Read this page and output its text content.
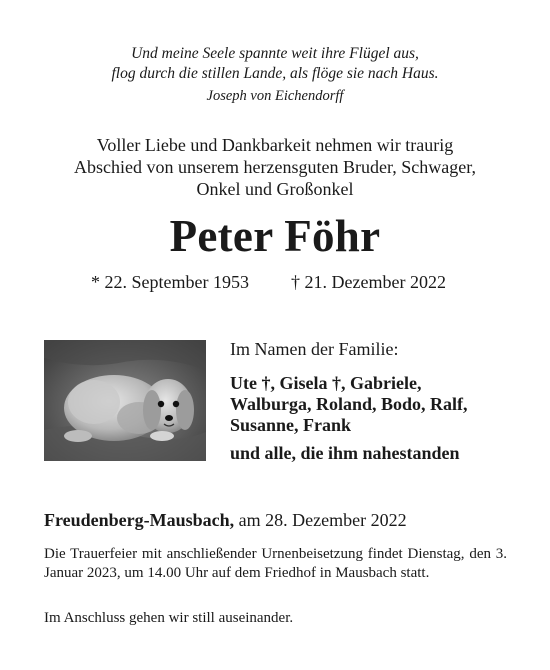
Und meine Seele spannte weit ihre Flügel aus,
flog durch die stillen Lande, als flöge sie nach Haus.
Joseph von Eichendorff
Voller Liebe und Dankbarkeit nehmen wir traurig
Abschied von unserem herzensguten Bruder, Schwager,
Onkel und Großonkel
Peter Föhr
* 22. September 1953 † 21. Dezember 2022
Im Namen der Familie:
Ute †, Gisela †, Gabriele,
Walburga, Roland, Bodo, Ralf,
Susanne, Frank
und alle, die ihm nahestanden
Freudenberg-Mausbach, am 28. Dezember 2022
Die Trauerfeier mit anschließender Urnenbeisetzung findet Dienstag, den 3. Januar 2023, um 14.00 Uhr auf dem Friedhof in Mausbach statt.
Im Anschluss gehen wir still auseinander.
